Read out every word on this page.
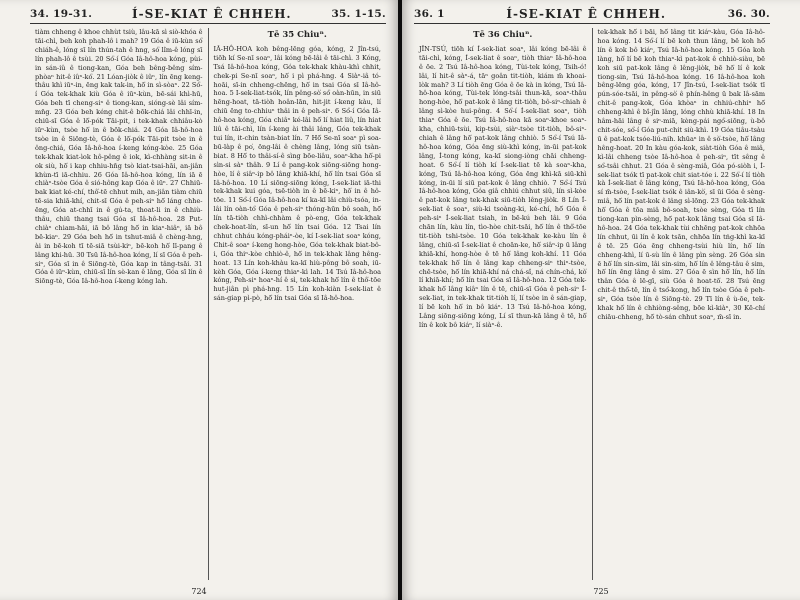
34. 19-31.	Í-SE-KIAT Ê CHHEH.	35. 1-15.
tiàm chheng ê khoe chhùt tsiù, lâu-kā sì siò-khóa ê tāi-chì, beh koh phah-lô i mah? 19 Góa ê iū-kùn só͘ chiáh-ê, lóng sī lín thún-tah ê hng, só͘ lîm-ê lóng sī lín phah-lô ê tsùi. 20 Só͘-í Góa Iâ-hô-hoa kóng, pùi-in sán-iû ê tiong-kan, Góa beh bêng-bêng sím-phòaⁿ hit-ê iûⁿ-kó͘. 21 Lóan-jiòk ê iûⁿ, lín ēng keng-thâu khì iūⁿ-in, ēng kak tak-in, hō͘ in sì-sòaⁿ. 22 Só͘-í Góa tek-khak kiù Góa ê iūⁿ-kùn, bē-sái khì-hū, Góa beh tī cheng-siⁿ ê tiong-kan, sióng-sè lâi sím-mn̄g. 23 Góa beh kéng chit-ê bōk-chiá lâi chhī-in, chiū-sī Góa ê lō͘-pók Tāi-pit, i tek-khak chhiâu-kò iūⁿ-kùn, tsòe hō͘ in ê bōk-chiá. 24 Góa Iâ-hô-hoa tsòe in ê Siōng-tè, Góa ê lō͘-pók Tāi-pit tsòe in ê ông-chiá, Góa Iâ-hô-hoa í-keng kóng-kòe. 25 Góa tek-khak kiat-ìok hô-pêng ê iok, kì-chhàng sit-in ê ok siù, hō͘ i kap chhiu-hn̄g tsò kiat-tsai-hāi, an-jiân khùn-tī iā-chhiu. 26 Góa Iâ-hô-hoa kóng, lín iā ē chiàⁿ-tsòe Góa ê sió-hông kap Góa ê iūⁿ. 27 Chhiū-bak kiat ké-chí, thô͘-tē chhut mih, an-jiân tiàm chiū tē-sia khiā-khí, chit-sī Góa ê peh-siⁿ hō͘ láng chhe-ēng, Góa at-chhī in ê gú-ta, thoat-li in ê chhiù-thâu, chiū thang tsai Góa sī Iâ-hô-hoa. 28 Put-chiàⁿ chiam-hāi, iā bô lâng hō͘ in kiaⁿ-hiâⁿ, iā bô bē-kiaⁿ. 29 Góa beh hō͘ in tshut-miâ ê chèng-hng, ài in bē-koh tī tē-siā tsùi-kiⁿ, bē-koh hō͘ lī-pang ê lâng khi-hū. 30 Tsū Iâ-hô-hoa kóng, lí sī Góa ê peh-siⁿ, Góa sī in ê Siōng-tè, Góa kap in tâng-tsāi. 31 Góa ê iūⁿ-kùn, chiū-sī lín sè-kan ê lâng, Góa sī lín ê Siōng-tè, Góa Iâ-hô-hoa í-keng kóng lah.
Tē 35 Chiuⁿ.
IÂ-HÔ-HOA koh bêng-lēng góa, kóng, 2 Jîn-tsú, tiōh kí Se-nī soaⁿ, lâi kóng bē-lâi ê tāi-chì. 3 Kóng, Tsá Iâ-hô-hoa kóng, Góa tek-khak khàu-khì chhit, chek-pi Se-nī soaⁿ, hō͘ i pì phá-hng. 4 Siàⁿ-iâ tó-hoāi, sī-in chheng-chēng, hō͘ in tsai Góa sī Iâ-hô-hoa. 5 I-sek-liat-tsók, lín pêng-sò͘ só͘ oàn-hūn, in siū hēng-hoat, tā-tiòh hoân-lān, hit-jit í-keng kàu, lí chiū ēng to-chhiuⁿ thâi in ê peh-siⁿ. 6 Só͘-í Góa Iâ-hô-hoa kóng, Góa chiâⁿ ké-lâi hō͘ lí hiat liû, lín hiat liû ê tāi-chì, lín í-keng ài thâi láng, Góa tek-khak tui lín, it-chin tsàn-biat lín. 7 Hō͘ Se-nī soaⁿ pì soa-bū-làp ê po͘, ōng-lâi ê chèng lâng, lóng siū tsàn-biat. 8 Hō͘ to thâi-sí-ê sìng bōe-liâu, soaⁿ-kha hō͘-pi sìn-si sàⁿ thâh. 9 Lí ê pang-kok siōng-siōng hong-hòe, lí ê siâⁿ-ip bô lâng khiā-khí, hō͘ lín tsai Góa sī Iâ-hô-hoa. 10 Lí siōng-siōng kóng, I-sek-liat iā-thi tek-khak kui góa, tsē-tiòh in ê bē-kiⁿ, hō͘ in ê hô-tōe. 11 Só͘-í Góa Iâ-hô-hoa kí ka-kī lâi chiù-tsóa, in-lâi lín oàn-tó͘ Góa ê peh-siⁿ thóng-hūn bô soah, hō͘ lín tā-tiòh chhì-chhàm ê pò-eng, Góa tek-khak chek-hoat-lín, sī-un hō͘ lín tsai Góa. 12 Tsai lín chhut chháu kóng-pháiⁿ-òe, kí I-sek-liat soaⁿ kóng, Chit-ê soaⁿ í-keng hong-hòe, Góa tek-khak biat-bô-i, Góa thiⁿ-kòe chhiò-ê, hō͘ in tek-khak lâng hêng-hoat. 13 Lín koh-khàu ka-kī hiù-pông bô soah, iū-kèh Góa, Góa í-keng thiaⁿ-kì lah. 14 Tsú Iâ-hô-hoa kóng, Peh-siⁿ hoaⁿ-hí ê sì, tek-khak hō͘ lín ê thô͘-tōe hut-jiân pì phá-hng. 15 Lín koh-kiàn I-sek-liat ê sán-giap pì-pò, hō͘ lín tsai Góa sī Iâ-hô-hoa.
724
36. 1	Í-SE-KIAT Ê CHHEH.	36. 30.
Tē 36 Chiuⁿ.
JÎN-TSÚ, tiōh kí Í-sek-liat soaⁿ, lâi kóng bē-lâi ê tāi-chì, kóng, Í-sek-liat ê soaⁿ, tiòh thiaⁿ Iâ-hô-hoa ê ōe. 2 Tsú Iâ-hô-hoa kóng, Tùi-tek kóng, Tsih-ó! lâi, lí hit-ê sàⁿ-á, tāⁿ goân tit-tiòh, kiám m̄ khoai-lòk mah? 3 Lí tiòh ēng Góa ê ōe kà in kóng, Tsú Iâ-hô-hoa kóng, Tùi-tek lóng-tsâi thun-kā, soaⁿ-thâu hong-hòe, hō͘ pat-kok ê lâng tit-tiòh, bô-siⁿ-chiah ê lâng sì-kòe hui-pông. 4 Só͘-í Í-sek-liat soaⁿ, tiòh thiaⁿ Góa ê ōe. Tsú Iâ-hô-hoa kā soaⁿ-khoe soaⁿ-kha, chhiū-tsùi, kip-tsùi, siàⁿ-tsòe tit-tiòh, bô-siⁿ-chiah ê lâng hō͘ pat-kok lâng chhiò. 5 Só͘-í Tsú Iâ-hô-hoa kóng, Góa ēng siù-khì kóng, in-ūi pat-kok lâng, Í-tong kóng, ka-kī siong-iòng chāi chheng-hoat. 6 Só͘-í lí tiòh kí Í-sek-liat tē kà soaⁿ-kha, kóng, Tsú Iâ-hô-hoa kóng, Góa ēng khì-kā siū-khì kóng, in-ūi lí siū pat-kok ê lâng chhiò. 7 Só͘-í Tsú Iâ-hô-hoa kóng, Góa giâ chhiú chhut siû, lín sì-kòe ê pat-kok lâng tek-khak siū-tiòh lêng-jiòk. 8 Lín Í-sek-liat ê soaⁿ, siù-ki tsoàng-ki, ké-chí, hō͘ Góa ê peh-siⁿ Í-sek-liat tsiah, in bē-kú beh lâi. 9 Góa chān lín, kàu lín, tìo-hòe chit-tsāi, hō͘ lín ê thô͘-tōe tit-tiòh tshi-tsòe. 10 Góa tek-khak ke-kàu lín ê lâng, chiū-sī Í-sek-liat ê choān-ke, hō͘ siâⁿ-ip ū lâng khiā-khí, hong-hòe ê tē hō͘ lâng koh-khí. 11 Góa tek-khak hō͘ lín ê lâng kap chheng-siⁿ thiⁿ-tsòe, chē-tsòe, hō͘ lín khiā-khí ná chá-sî, ná chín-chá, kò͘ lí khiā-khí; hō͘ lín tsai Góa sī Iâ-hô-hoa. 12 Góa tek-khak hō͘ lâng kiâⁿ lín ê tē, chiū-sī Góa ê peh-siⁿ Í-sek-liat, in tek-khak tit-tiòh lí, lí tsòe in ê sán-giap, lí bē koh hō͘ in bô kiáⁿ. 13 Tsú Iâ-hô-hoa kóng, Lâng siōng-siōng kóng, Lí sī thun-kā lâng ê tē, hō͘ lín ê kok bô kiáⁿ, lí siàⁿ-ê.
tek-khak hō͘ i bāi, hō͘ lâng tit kiáⁿ-kàu, Góa Iâ-hô-hoa kóng. 14 Só͘-í lí bē koh thun lâng, bē koh hō͘ lín ê kok bô kiáⁿ, Tsú Iâ-hô-hoa kóng. 15 Góa koh làng, hō͘ lí bē koh thiaⁿ-kì pat-kok ê chhiò-siàu, bē koh siū pat-kok lâng ê lêng-jiòk, bē hō͘ lí ê kok tiong-sin, Tsú Iâ-hô-hoa kóng. 16 Iâ-hô-hoa koh bêng-lēng góa, kóng, 17 Jîn-tsú, Í-sek-liat tsók tī pún-sóe-tsāi, in pêng-sò͘ ê phín-hêng ū bak lâ-sām chit-ê pang-kok, Góa khòaⁿ in chhiú-chhiⁿ hō͘ chheng-khì ê bî-jîn lâng, lóng chhù khiā-khí. 18 In hâm-hāi lâng ê siⁿ-miā, kèng-pái ngó͘-siōng, ù-bô chit-sóe, só͘-í Góa put-chit siù-khì. 19 Góa tiâu-tsàu ū ê pat-kok tsóe-liú-nih. khūaⁿ in ê sò͘-tsòe, hō͘ lâng hêng-hoat. 20 In kàu góa-kok, siàt-tiòh Góa ê miâ, kì-lâi chheng tsòe Iâ-hô-hoa ê peh-siⁿ, tīt sêng ê só͘-tsâi chhut. 21 Góa ê sèng-miâ, Góa pó-siòh i, Í-sek-liat tsók tī pat-kok chit siat-tóe i. 22 Só͘-í lí tiòh kà Í-sek-liat ê lâng kóng, Tsú Iâ-hô-hoa kóng, Góa sí m̄-tsòe, Í-sek-liat tsók ê iân-kò͘, sī ūi Góa ê sèng-miâ, hō͘ lín pat-kok ê lâng sì-lōng. 23 Góa tek-khak hō͘ Góa ê tōa miâ bô-soah, tsòe sèng, Góa tī lín tiong-kan pìn-sèng, hō͘ pat-kok lâng tsai Góa sī Iâ-hô-hoa. 24 Góa tek-khak tùi chhēng pat-kok chhōa lín chhut, ūi lín ê kok tsān, chhōa lín tńg-khì ka-kī ê tē. 25 Góa ēng chheng-tsùi hiù lín, hō͘ lín chheng-khì, lí ū-sù lín ê lâng pìn sèng. 26 Góa sìn ē hō͘ lín sin-sim, lâi sin-sim, hō͘ lín ê lêng-tâu ê sim, hō͘ lín ēng lâng ê sim. 27 Góa ē sìn hō͘ lín, hō͘ lín thân Góa ê lē-gī, siù Góa ê hoat-tō͘. 28 Tsú ēng chit-ê thô͘-tē, lín ê tsó͘-kong, hō͘ lín tsòe Góa ê peh-siⁿ, Góa tsòe lín ê Siōng-tè. 29 Tī lín ê ù-ōe, tek-khak hō͘ lín ê chhiòng-sêng, bōe kì-kiàⁿ, 30 Kē-chí chiāu-chheng, hō͘ tò-sán chhut soaⁿ, m̄-sī in.
725
